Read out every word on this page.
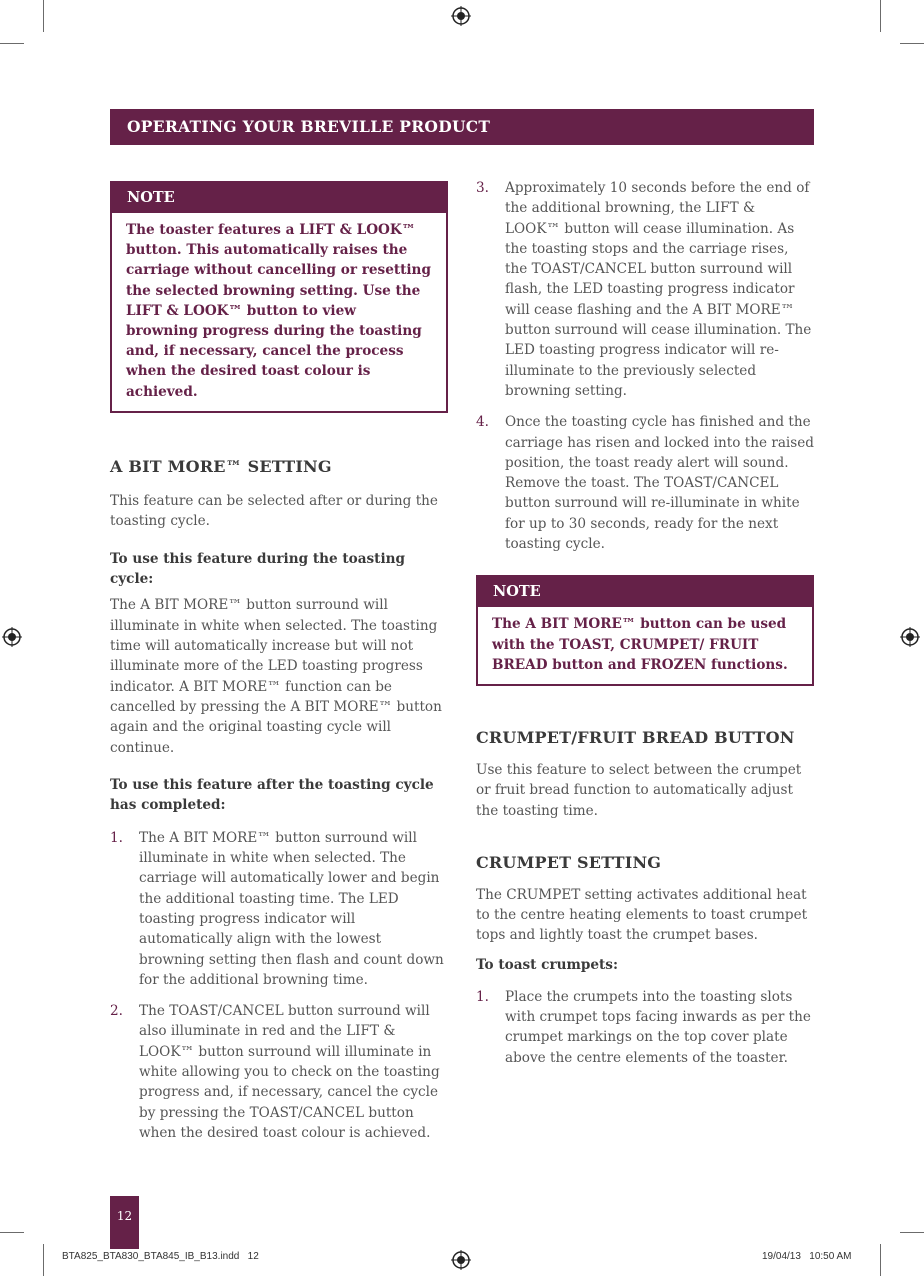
OPERATING YOUR BREVILLE PRODUCT
NOTE
The toaster features a LIFT & LOOK™ button. This automatically raises the carriage without cancelling or resetting the selected browning setting. Use the LIFT & LOOK™ button to view browning progress during the toasting and, if necessary, cancel the process when the desired toast colour is achieved.
A BIT MORE™ SETTING

This feature can be selected after or during the toasting cycle.

To use this feature during the toasting cycle:

The A BIT MORE™ button surround will illuminate in white when selected. The toasting time will automatically increase but will not illuminate more of the LED toasting progress indicator. A BIT MORE™ function can be cancelled by pressing the A BIT MORE™ button again and the original toasting cycle will continue.

To use this feature after the toasting cycle has completed:
1. The A BIT MORE™ button surround will illuminate in white when selected. The carriage will automatically lower and begin the additional toasting time. The LED toasting progress indicator will automatically align with the lowest browning setting then flash and count down for the additional browning time.
2. The TOAST/CANCEL button surround will also illuminate in red and the LIFT & LOOK™ button surround will illuminate in white allowing you to check on the toasting progress and, if necessary, cancel the cycle by pressing the TOAST/CANCEL button when the desired toast colour is achieved.
3. Approximately 10 seconds before the end of the additional browning, the LIFT & LOOK™ button will cease illumination. As the toasting stops and the carriage rises, the TOAST/CANCEL button surround will flash, the LED toasting progress indicator will cease flashing and the A BIT MORE™ button surround will cease illumination. The LED toasting progress indicator will re-illuminate to the previously selected browning setting.
4. Once the toasting cycle has finished and the carriage has risen and locked into the raised position, the toast ready alert will sound. Remove the toast. The TOAST/CANCEL button surround will re-illuminate in white for up to 30 seconds, ready for the next toasting cycle.
NOTE
The A BIT MORE™ button can be used with the TOAST, CRUMPET/ FRUIT BREAD button and FROZEN functions.
CRUMPET/FRUIT BREAD BUTTON

Use this feature to select between the crumpet or fruit bread function to automatically adjust the toasting time.

CRUMPET SETTING

The CRUMPET setting activates additional heat to the centre heating elements to toast crumpet tops and lightly toast the crumpet bases.

To toast crumpets:
1. Place the crumpets into the toasting slots with crumpet tops facing inwards as per the crumpet markings on the top cover plate above the centre elements of the toaster.
12
BTA825_BTA830_BTA845_IB_B13.indd   12	19/04/13   10:50 AM
